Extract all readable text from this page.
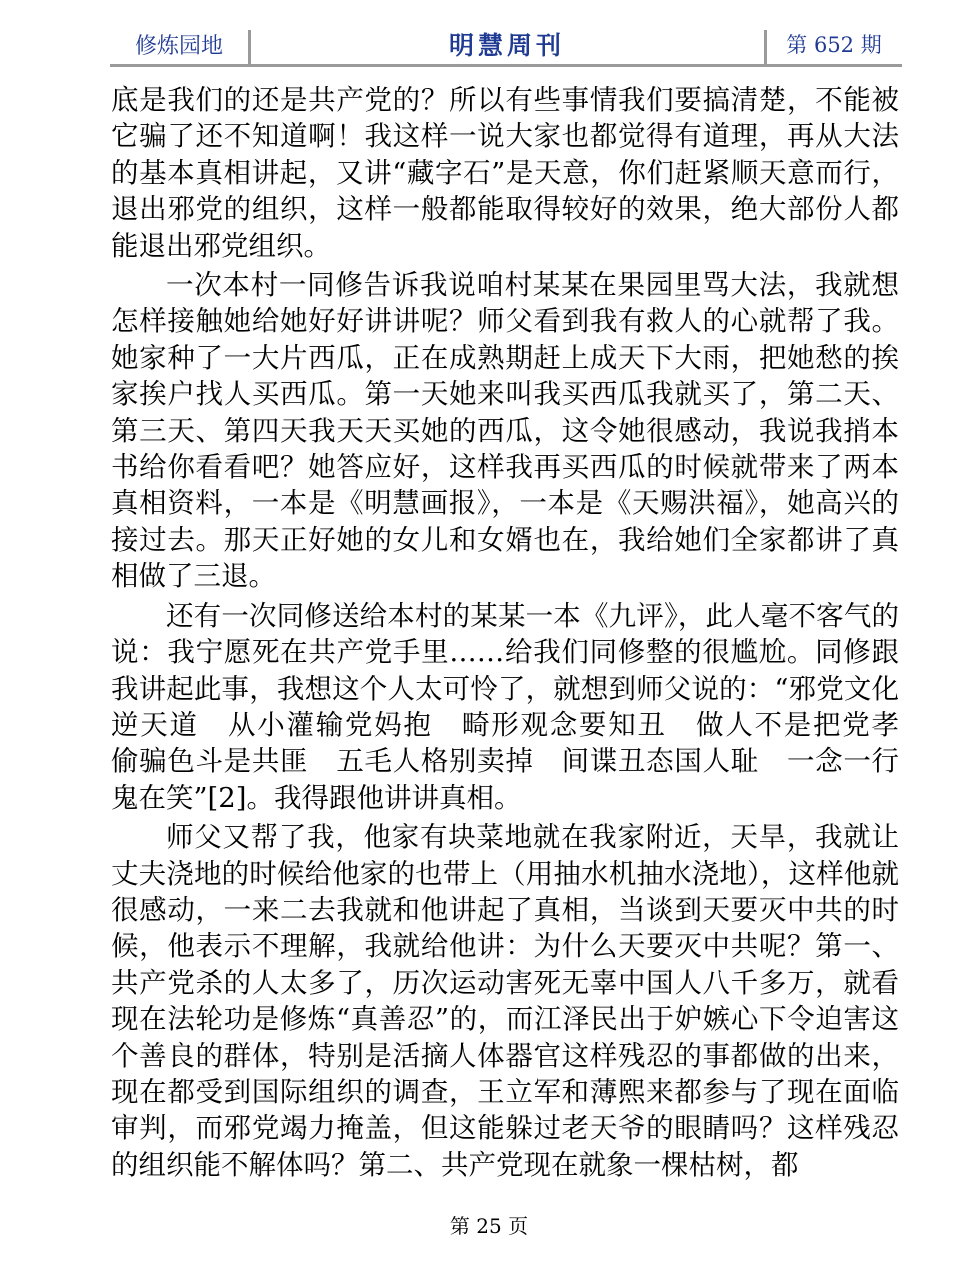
修炼园地	明慧周刊	第 652 期

底是我们的还是共产党的？所以有些事情我们要搞清楚，不能被它骗了还不知道啊！我这样一说大家也都觉得有道理，再从大法的基本真相讲起，又讲“藏字石”是天意，你们赶紧顺天意而行，退出邪党的组织，这样一般都能取得较好的效果，绝大部份人都能退出邪党组织。

一次本村一同修告诉我说咱村某某在果园里骂大法，我就想怎样接触她给她好好讲讲呢？师父看到我有救人的心就帮了我。她家种了一大片西瓜，正在成熟期赶上成天下大雨，把她愁的挨家挨户找人买西瓜。第一天她来叫我买西瓜我就买了，第二天、第三天、第四天我天天买她的西瓜，这令她很感动，我说我捎本书给你看看吧？她答应好，这样我再买西瓜的时候就带来了两本真相资料，一本是《明慧画报》，一本是《天赐洪福》，她高兴的接过去。那天正好她的女儿和女婿也在，我给她们全家都讲了真相做了三退。

还有一次同修送给本村的某某一本《九评》，此人毫不客气的说：我宁愿死在共产党手里……给我们同修整的很尴尬。同修跟我讲起此事，我想这个人太可怜了，就想到师父说的：“邪党文化逆天道　从小灌输党妈抱　畸形观念要知丑　做人不是把党孝　偷骗色斗是共匪　五毛人格别卖掉　间谍丑态国人耻　一念一行鬼在笑”[2]。我得跟他讲讲真相。

师父又帮了我，他家有块菜地就在我家附近，天旱，我就让丈夫浇地的时候给他家的也带上（用抽水机抽水浇地），这样他就很感动，一来二去我就和他讲起了真相，当谈到天要灭中共的时候，他表示不理解，我就给他讲：为什么天要灭中共呢？第一、共产党杀的人太多了，历次运动害死无辜中国人八千多万，就看现在法轮功是修炼“真善忍”的，而江泽民出于妒嫉心下令迫害这个善良的群体，特别是活摘人体器官这样残忍的事都做的出来，现在都受到国际组织的调查，王立军和薄熙来都参与了现在面临审判，而邪党竭力掩盖，但这能躲过老天爷的眼睛吗？这样残忍的组织能不解体吗？第二、共产党现在就象一棵枯树，都

第 25 页
